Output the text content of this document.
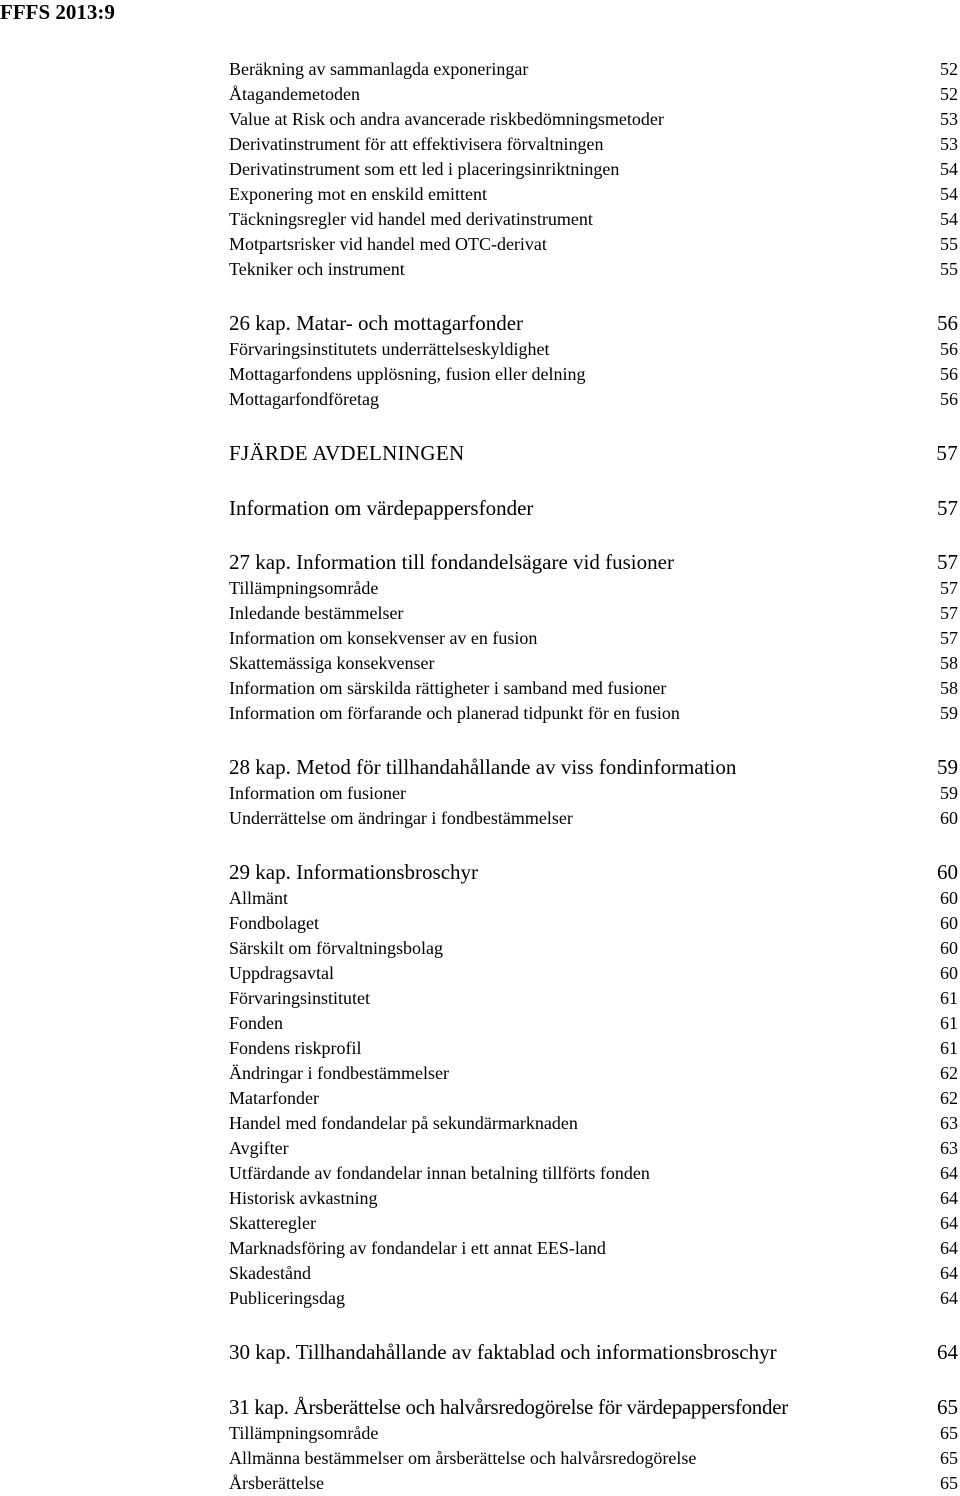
FFFS 2013:9
Beräkning av sammanlagda exponeringar	52
Åtagandemetoden	52
Value at Risk och andra avancerade riskbedömningsmetoder	53
Derivatinstrument för att effektivisera förvaltningen	53
Derivatinstrument som ett led i placeringsinriktningen	54
Exponering mot en enskild emittent	54
Täckningsregler vid handel med derivatinstrument	54
Motpartsrisker vid handel med OTC-derivat	55
Tekniker och instrument	55
26 kap. Matar- och mottagarfonder	56
Förvaringsinstitutets underrättelseskyldighet	56
Mottagarfondens upplösning, fusion eller delning	56
Mottagarfondföretag	56
FJÄRDE AVDELNINGEN	57
Information om värdepappersfonder	57
27 kap. Information till fondandelsägare vid fusioner	57
Tillämpningsområde	57
Inledande bestämmelser	57
Information om konsekvenser av en fusion	57
Skattemässiga konsekvenser	58
Information om särskilda rättigheter i samband med fusioner	58
Information om förfarande och planerad tidpunkt för en fusion	59
28 kap. Metod för tillhandahållande av viss fondinformation	59
Information om fusioner	59
Underrättelse om ändringar i fondbestämmelser	60
29 kap. Informationsbroschyr	60
Allmänt	60
Fondbolaget	60
Särskilt om förvaltningsbolag	60
Uppdragsavtal	60
Förvaringsinstitutet	61
Fonden	61
Fondens riskprofil	61
Ändringar i fondbestämmelser	62
Matarfonder	62
Handel med fondandelar på sekundärmarknaden	63
Avgifter	63
Utfärdande av fondandelar innan betalning tillförts fonden	64
Historisk avkastning	64
Skatteregler	64
Marknadsföring av fondandelar i ett annat EES-land	64
Skadestånd	64
Publiceringsdag	64
30 kap. Tillhandahållande av faktablad och informationsbroschyr	64
31 kap. Årsberättelse och halvårsredogörelse för värdepappersfonder	65
Tillämpningsområde	65
Allmänna bestämmelser om årsberättelse och halvårsredogörelse	65
Årsberättelse	65
